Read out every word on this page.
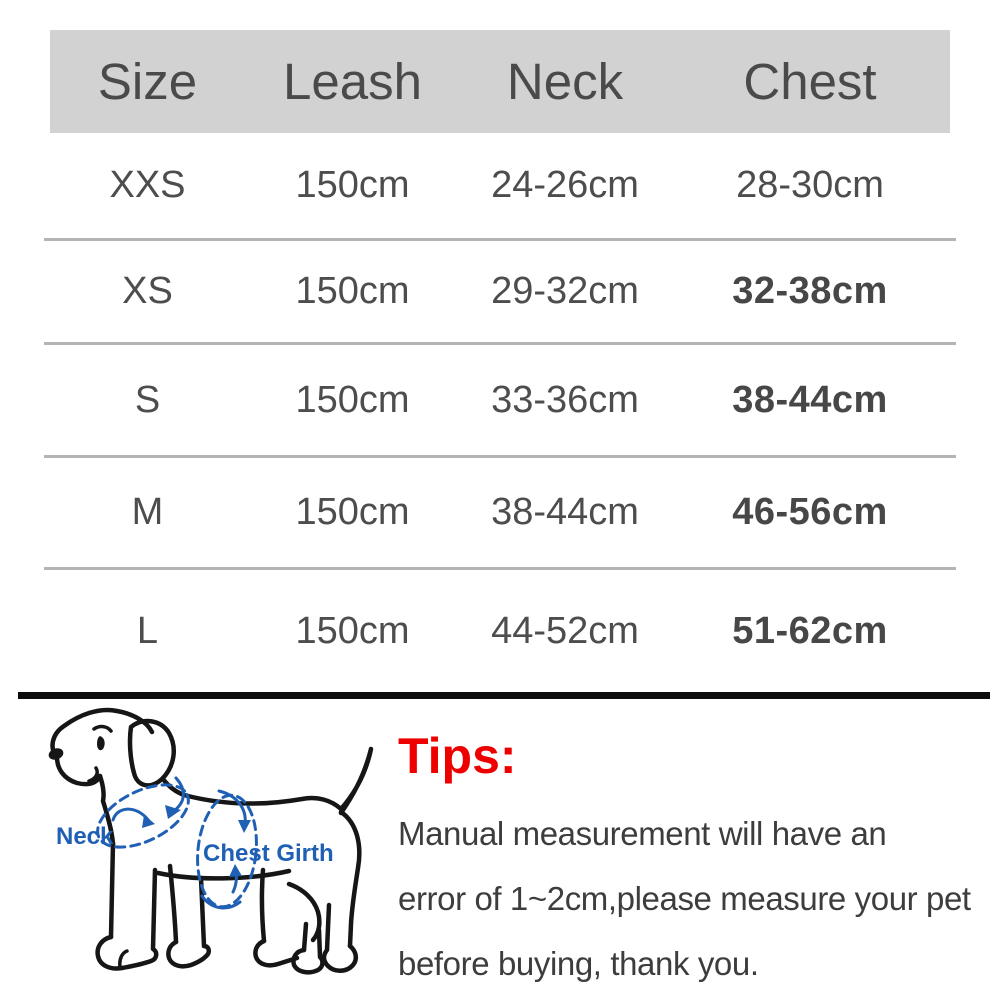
Size Leash Neck Chest
XXS	150cm 24-26cm	28-30cm
XS	150cm 29-32cm 32-38cm
S	150cm 33-36cm 38-44cm
M	150cm 38-44cm 46-56cm
L	150cm 44-52cm 51-62cm
Neck
Chest Girth
Tips:
Manual measurement will have an
error of 1~2cm,please measure your pet
before buying, thank you.
